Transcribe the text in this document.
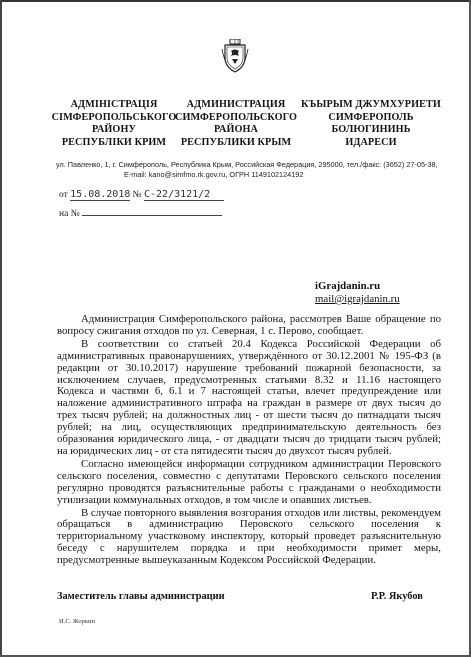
АДМІНІСТРАЦІЯ
СІМФЕРОПОЛЬСЬКОГО
РАЙОНУ
РЕСПУБЛІКИ КРИМ
АДМИНИСТРАЦИЯ
СИМФЕРОПОЛЬСКОГО
РАЙОНА
РЕСПУБЛИКИ КРЫМ
КЪЫРЫМ ДЖУМХУРИЕТИ
СИМФЕРОПОЛЬ
БОЛЮГИНИНЬ
ИДАРЕСИ
ул. Павленко, 1, г. Симферополь, Республика Крым, Российская Федерация, 295000, тел./факс: (3652) 27-05-38,
E-mail: kano@simfmo.rk.gov.ru, ОГРН 1149102124192
от 15.08.2018 № С-22/3121/2
на №
iGrajdanin.ru
mail@igrajdanin.ru

Администрация Симферопольского района, рассмотрев Ваше обращение по вопросу сжигания отходов по ул. Северная, 1 с. Перово, сообщает.

В соответствии со статьей 20.4 Кодекса Российской Федерации об административных правонарушениях, утверждённого от 30.12.2001 № 195-ФЗ (в редакции от 30.10.2017) нарушение требований пожарной безопасности, за исключением случаев, предусмотренных статьями 8.32 и 11.16 настоящего Кодекса и частями 6, 6.1 и 7 настоящей статьи, влечет предупреждение или наложение административного штрафа на граждан в размере от двух тысяч до трех тысяч рублей; на должностных лиц - от шести тысяч до пятнадцати тысяч рублей; на лиц, осуществляющих предпринимательскую деятельность без образования юридического лица, - от двадцати тысяч до тридцати тысяч рублей; на юридических лиц - от ста пятидесяти тысяч до двухсот тысяч рублей.

Согласно имеющейся информации сотрудником администрации Перовского сельского поселения, совместно с депутатами Перовского сельского поселения регулярно проводятся разъяснительные работы с гражданами о необходимости утилизации коммунальных отходов, в том числе и опавших листьев.

В случае повторного выявления возгорания отходов или листвы, рекомендуем обращаться в администрацию Перовского сельского поселения к территориальному участковому инспектору, который проведет разъяснительную беседу с нарушителем порядка и при необходимости примет меры, предусмотренные вышеуказанным Кодексом Российской Федерации.

Заместитель главы администрации	Р.Р. Якубов
И.С. Жоркин
